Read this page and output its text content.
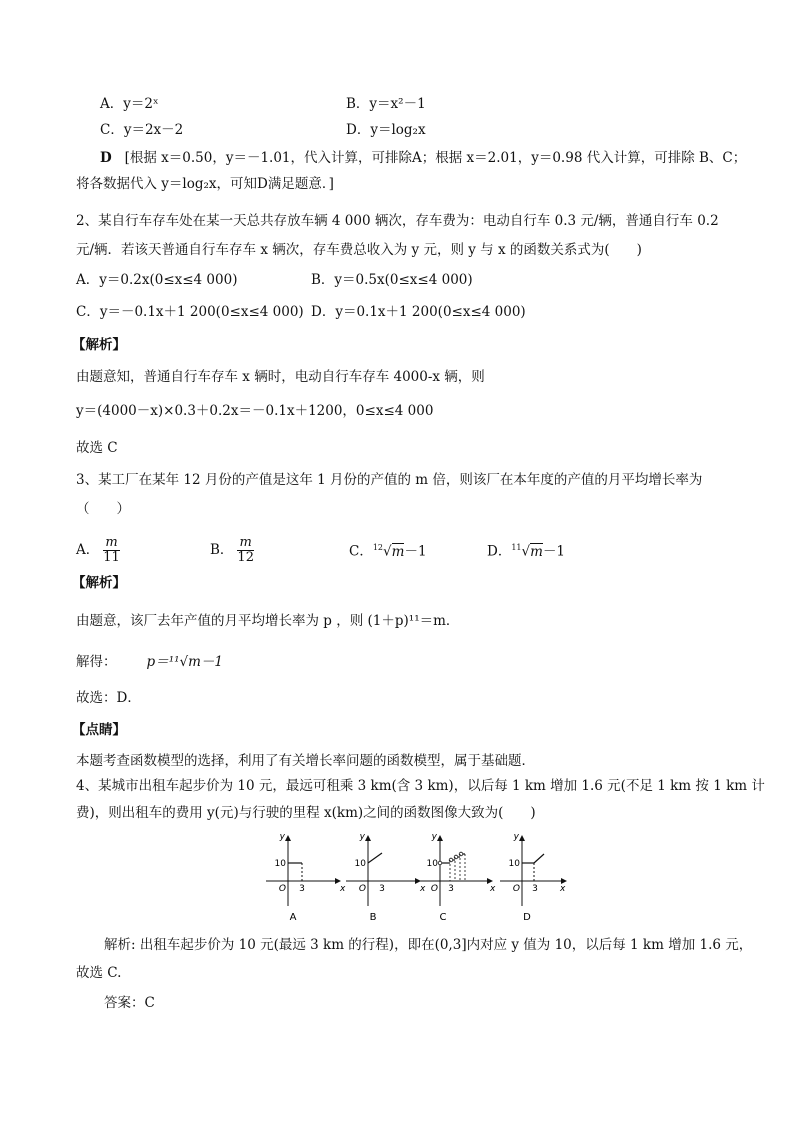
A．y＝2ˣ	B．y＝x²－1
C．y＝2x－2	D．y＝log₂x
D [根据 x＝0.50，y＝－1.01，代入计算，可排除A；根据 x＝2.01，y＝0.98 代入计算，可排除 B、C；
将各数据代入 y＝log₂x，可知D满足题意．]
2、某自行车存车处在某一天总共存放车辆 4 000 辆次，存车费为：电动自行车 0.3 元/辆，普通自行车 0.2
元/辆．若该天普通自行车存车 x 辆次，存车费总收入为 y 元，则 y 与 x 的函数关系式为(　　)
A．y＝0.2x(0≤x≤4 000)	B．y＝0.5x(0≤x≤4 000)
C．y＝－0.1x＋1 200(0≤x≤4 000) D．y＝0.1x＋1 200(0≤x≤4 000)
【解析】
由题意知，普通自行车存车 x 辆时，电动自行车存车 4000-x 辆，则
y＝(4000－x)×0.3＋0.2x＝－0.1x＋1200，0≤x≤4 000
故选 C
3、某工厂在某年 12 月份的产值是这年 1 月份的产值的 m 倍，则该厂在本年度的产值的月平均增长率为
（　　）
A． $\frac{m}{11}$	B． $\frac{m}{12}$	C．$^{12}$√m－1	D．$^{11}$√m－1
【解析】
由题意，该厂去年产值的月平均增长率为 p ，则 (1＋p)¹¹＝m．
解得： p＝¹¹√m－1
故选：D．
【点睛】
本题考查函数模型的选择，利用了有关增长率问题的函数模型，属于基础题．
4、某城市出租车起步价为 10 元，最远可租乘 3 km(含 3 km)，以后每 1 km 增加 1.6 元(不足 1 km 按 1 km 计
费)，则出租车的费用 y(元)与行驶的里程 x(km)之间的函数图像大致为(　　)
y
x
10
O 3
A
y
x
10
O 3
B
y
x
10
O 3
C
y
x
10
O 3
D
解析: 出租车起步价为 10 元(最远 3 km 的行程)，即在(0,3]内对应 y 值为 10，以后每 1 km 增加 1.6 元，
故选 C.
答案：C
